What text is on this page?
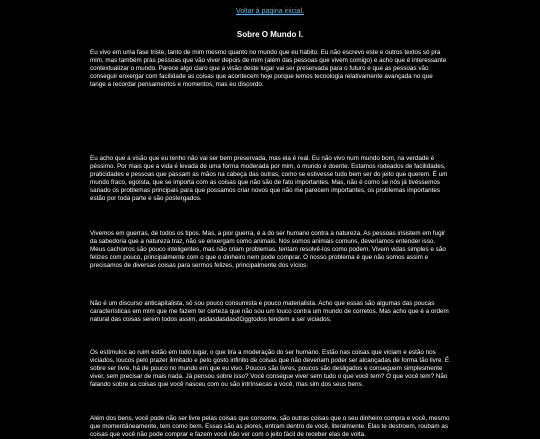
Voltar à pagina inicial.
Sobre O Mundo I.

Eu vivo em uma fase triste, tanto de mim mesmo quanto no mundo que eu habito. Eu não escrevo este e outros textos só pra mim, mas também pras pessoas que vão viver depois de mim (além das pessoas que vivem comigo) e acho que é interessante contextualizar o mundo. Parece algo claro que a visão deste lugar vai ser preservada para o futuro e que as pessoas vão conseguir enxergar com facilidade as coisas que acontecem hoje porque temos tecnologia relativamente avançada no que tange a recordar pensamentos e momentos, mas eu discordo.

Eu acho que a visão que eu tenho não vai ser bem preservada, mas ela é real. Eu não vivo num mundo bom, na verdade é péssimo. Por mais que a vida é levada de uma forma moderada por mim, o mundo é doente. Estamos rodeados de facilidades, praticidades e pessoas que passam as mãos na cabeça das outras, como se estivesse tudo bem ser do jeito que querem. É um mundo fraco, egoísta, que se importa com as coisas que não são de fato importantes. Mas, não é como se nós já tivéssemos sanado os problemas principais para que possamos criar novos que não me parecem importantes, os problemas importantes estão por toda parte e são postergados.

Vivemos em guerras, de todos os tipos. Mas, a pior guerra, é a do ser humano contra a natureza. As pessoas insistem em fugir da sabedoria que a natureza traz, não se enxergam como animais. Nós somos animais comuns, deveríamos entender isso. Meus cachorros são pouco inteligentes, mas não criam problemas, tentam resolvê-los como podem. Vivem vidas simples e são felizes com pouco, principalmente com o que o dinheiro nem pode comprar. O nosso problema é que não somos assim e precisamos de diversas coisas para sermos felizes, principalmente dos vícios.

Não é um discurso anticapitalista, só sou pouco consumista e pouco materialista. Acho que essas são algumas das poucas características em mim que me fazem ter certeza que não sou um louco contra um mundo de corretos. Mas acho que é a ordem natural das coisas serem todos assim, asdasdasdasdGggtodos tendem a ser viciados.

Os estímulos ao ruim estão em todo lugar, o que tira a moderação do ser humano. Estão nas coisas que viciam e estão nos viciados, loucos pelo prazer ilimitado e pelo gosto infinito de coisas que não deveriam poder ser alcançadas de forma tão livre. É sobre ser livre, há de pouco no mundo em que eu vivo. Poucos são livres, poucos são desligados e conseguem simplesmente viver, sem precisar de mais nada. Já pensou sobre isso? Você consegue viver sem tudo o que você tem? O que você tem? Não falando sobre as coisas que você nasceu com ou são intrínsecas a você, mas sim dos seus bens.

Além dos bens, você pode não ser livre pelas coisas que consome, são outras coisas que o seu dinheiro compra e você, mesmo que momentâneamente, tem como bem. Essas são as piores, entram dentro de você, literalmente. Elas te destroem, roubam as coisas que você não pode comprar e fazem você não ver com o jeito fácil de receber elas de volta.
